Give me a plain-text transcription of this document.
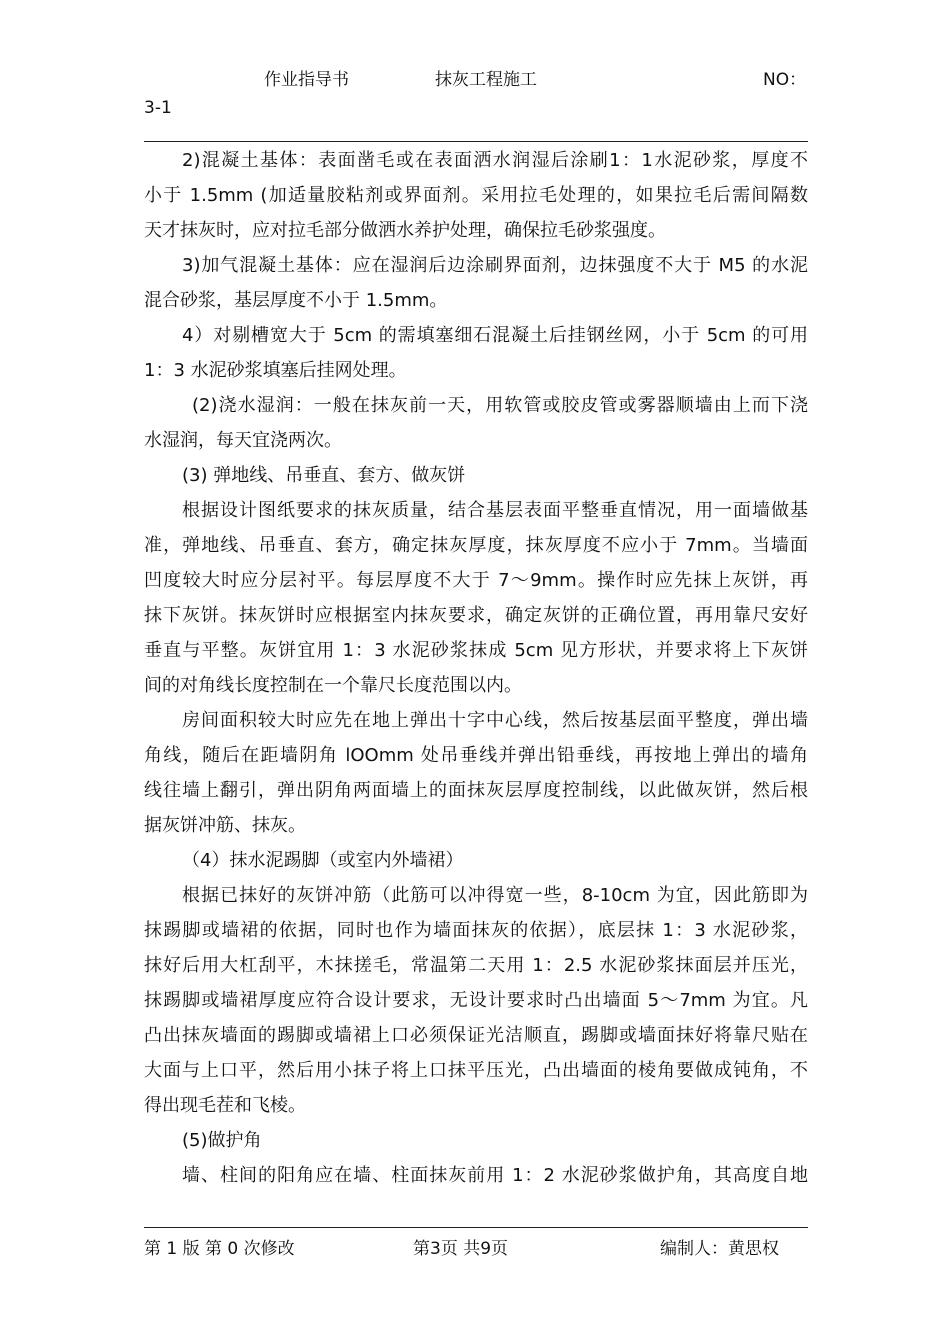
作业指导书	抹灰工程施工	NO：
3-1
2)混凝土基体：表面凿毛或在表面洒水润湿后涂刷1：1水泥砂浆，厚度不
小于 1.5mm (加适量胶粘剂或界面剂。采用拉毛处理的，如果拉毛后需间隔数
天才抹灰时，应对拉毛部分做洒水养护处理，确保拉毛砂浆强度。
3)加气混凝土基体：应在湿润后边涂刷界面剂，边抹强度不大于 M5 的水泥
混合砂浆，基层厚度不小于 1.5mm。
4）对剔槽宽大于 5cm 的需填塞细石混凝土后挂钢丝网，小于 5cm 的可用
1：3 水泥砂浆填塞后挂网处理。
(2)浇水湿润：一般在抹灰前一天，用软管或胶皮管或雾器顺墙由上而下浇
水湿润，每天宜浇两次。
(3) 弹地线、吊垂直、套方、做灰饼
根据设计图纸要求的抹灰质量，结合基层表面平整垂直情况，用一面墙做基
准，弹地线、吊垂直、套方，确定抹灰厚度，抹灰厚度不应小于 7mm。当墙面
凹度较大时应分层衬平。每层厚度不大于 7～9mm。操作时应先抹上灰饼，再
抹下灰饼。抹灰饼时应根据室内抹灰要求，确定灰饼的正确位置，再用靠尺安好
垂直与平整。灰饼宜用 1：3 水泥砂浆抹成 5cm 见方形状，并要求将上下灰饼
间的对角线长度控制在一个靠尺长度范围以内。
房间面积较大时应先在地上弹出十字中心线，然后按基层面平整度，弹出墙
角线，随后在距墙阴角 lOOmm 处吊垂线并弹出铅垂线，再按地上弹出的墙角
线往墙上翻引，弹出阴角两面墙上的面抹灰层厚度控制线，以此做灰饼，然后根
据灰饼冲筋、抹灰。
（4）抹水泥踢脚（或室内外墙裙）
根据已抹好的灰饼冲筋（此筋可以冲得宽一些，8-10cm 为宜，因此筋即为
抹踢脚或墙裙的依据，同时也作为墙面抹灰的依据），底层抹 1：3 水泥砂浆，
抹好后用大杠刮平，木抹搓毛，常温第二天用 1：2.5 水泥砂浆抹面层并压光，
抹踢脚或墙裙厚度应符合设计要求，无设计要求时凸出墙面 5～7mm 为宜。凡
凸出抹灰墙面的踢脚或墙裙上口必须保证光洁顺直，踢脚或墙面抹好将靠尺贴在
大面与上口平，然后用小抹子将上口抹平压光，凸出墙面的棱角要做成钝角，不
得出现毛茬和飞棱。
(5)做护角
墙、柱间的阳角应在墙、柱面抹灰前用 1：2 水泥砂浆做护角，其高度自地
第 1 版 第 0 次修改	第3页 共9页	编制人：黄思权
